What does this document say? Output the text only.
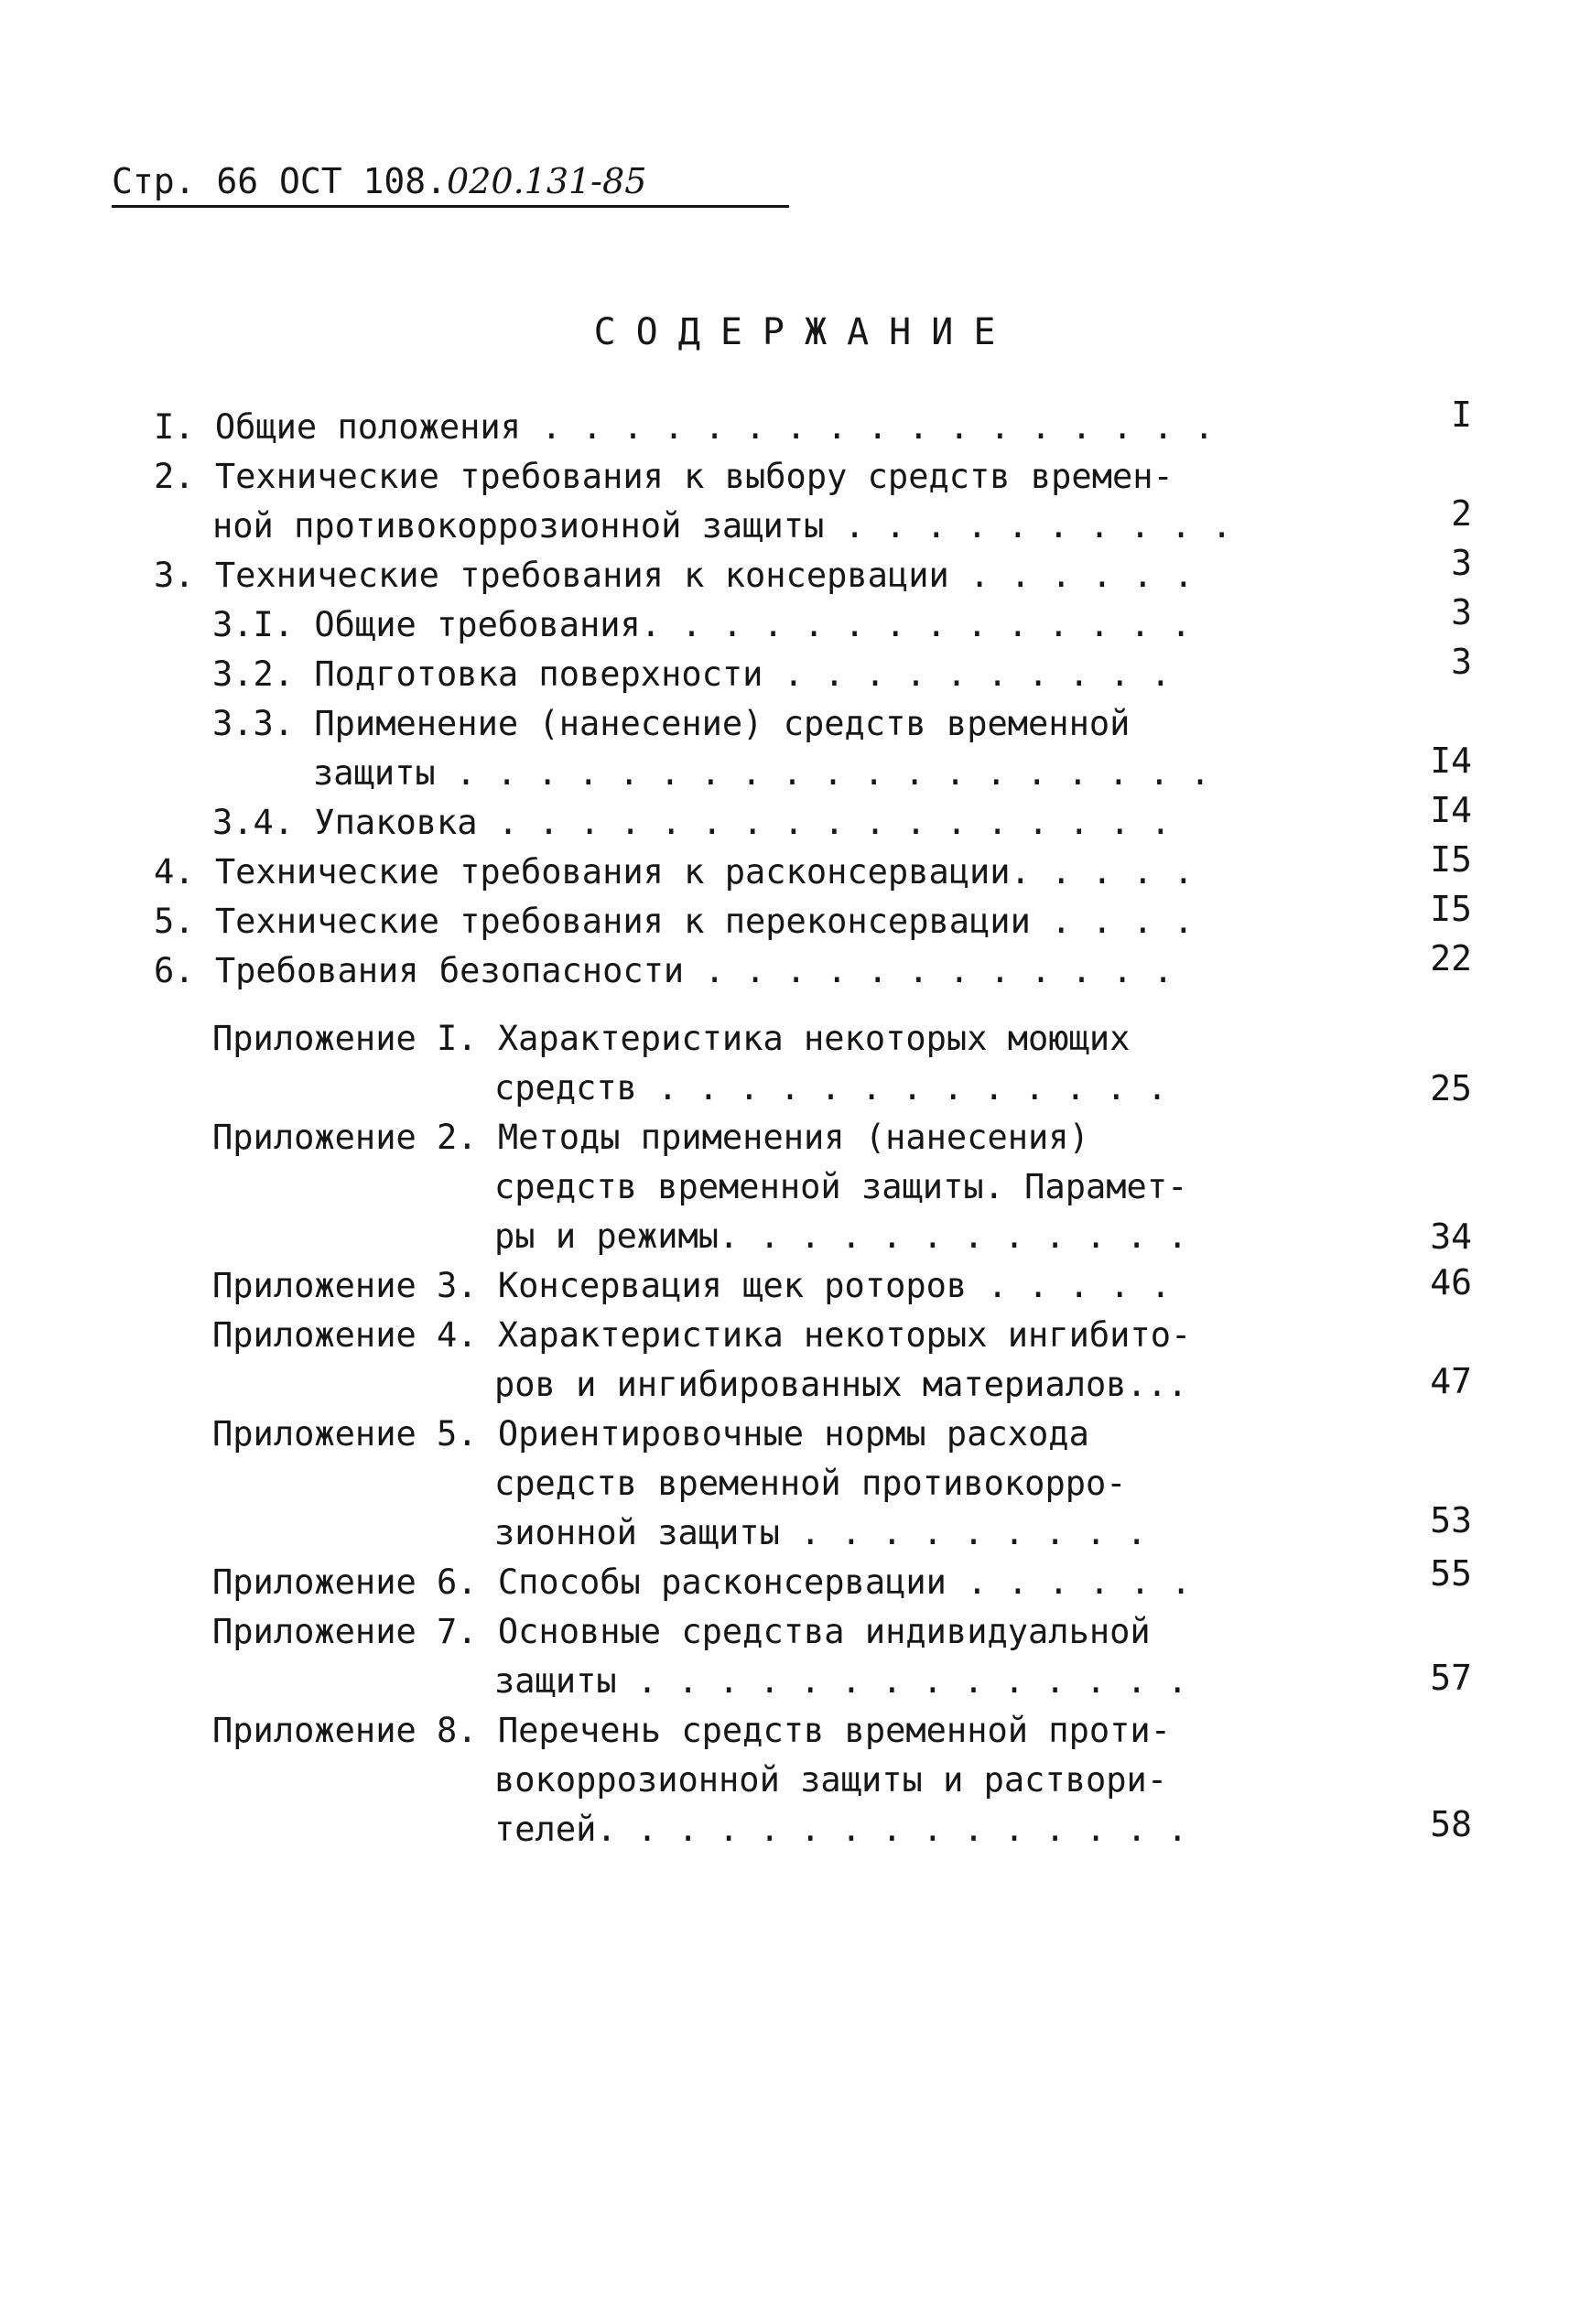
Стр. 66 ОСТ 108.020.131-85
СОДЕРЖАНИЕ
I. Общие положения . . . . . . . . . . . . . . . . .	I
2. Технические требования к выбору средств времен-
ной противокоррозионной защиты . . . . . . . . . .	2
3. Технические требования к консервации . . . . . .	3
3.I. Общие требования. . . . . . . . . . . . . .	3
3.2. Подготовка поверхности . . . . . . . . . .	3
3.3. Применение (нанесение) средств временной
защиты . . . . . . . . . . . . . . . . . . .	I4
3.4. Упаковка . . . . . . . . . . . . . . . . .	I4
4. Технические требования к расконсервации. . . . .	I5
5. Технические требования к переконсервации . . . .	I5
6. Требования безопасности . . . . . . . . . . . .	22
Приложение I. Характеристика некоторых моющих
средств . . . . . . . . . . . . .	25
Приложение 2. Методы применения (нанесения)
средств временной защиты. Парамет-
ры и режимы. . . . . . . . . . . .	34
Приложение 3. Консервация щек роторов . . . . .	46
Приложение 4. Характеристика некоторых ингибито-
ров и ингибированных материалов...	47
Приложение 5. Ориентировочные нормы расхода
средств временной противокорро-
зионной защиты . . . . . . . . .	53
Приложение 6. Способы расконсервации . . . . . .	55
Приложение 7. Основные средства индивидуальной
защиты . . . . . . . . . . . . . .	57
Приложение 8. Перечень средств временной проти-
вокоррозионной защиты и раствори-
телей. . . . . . . . . . . . . . .	58
